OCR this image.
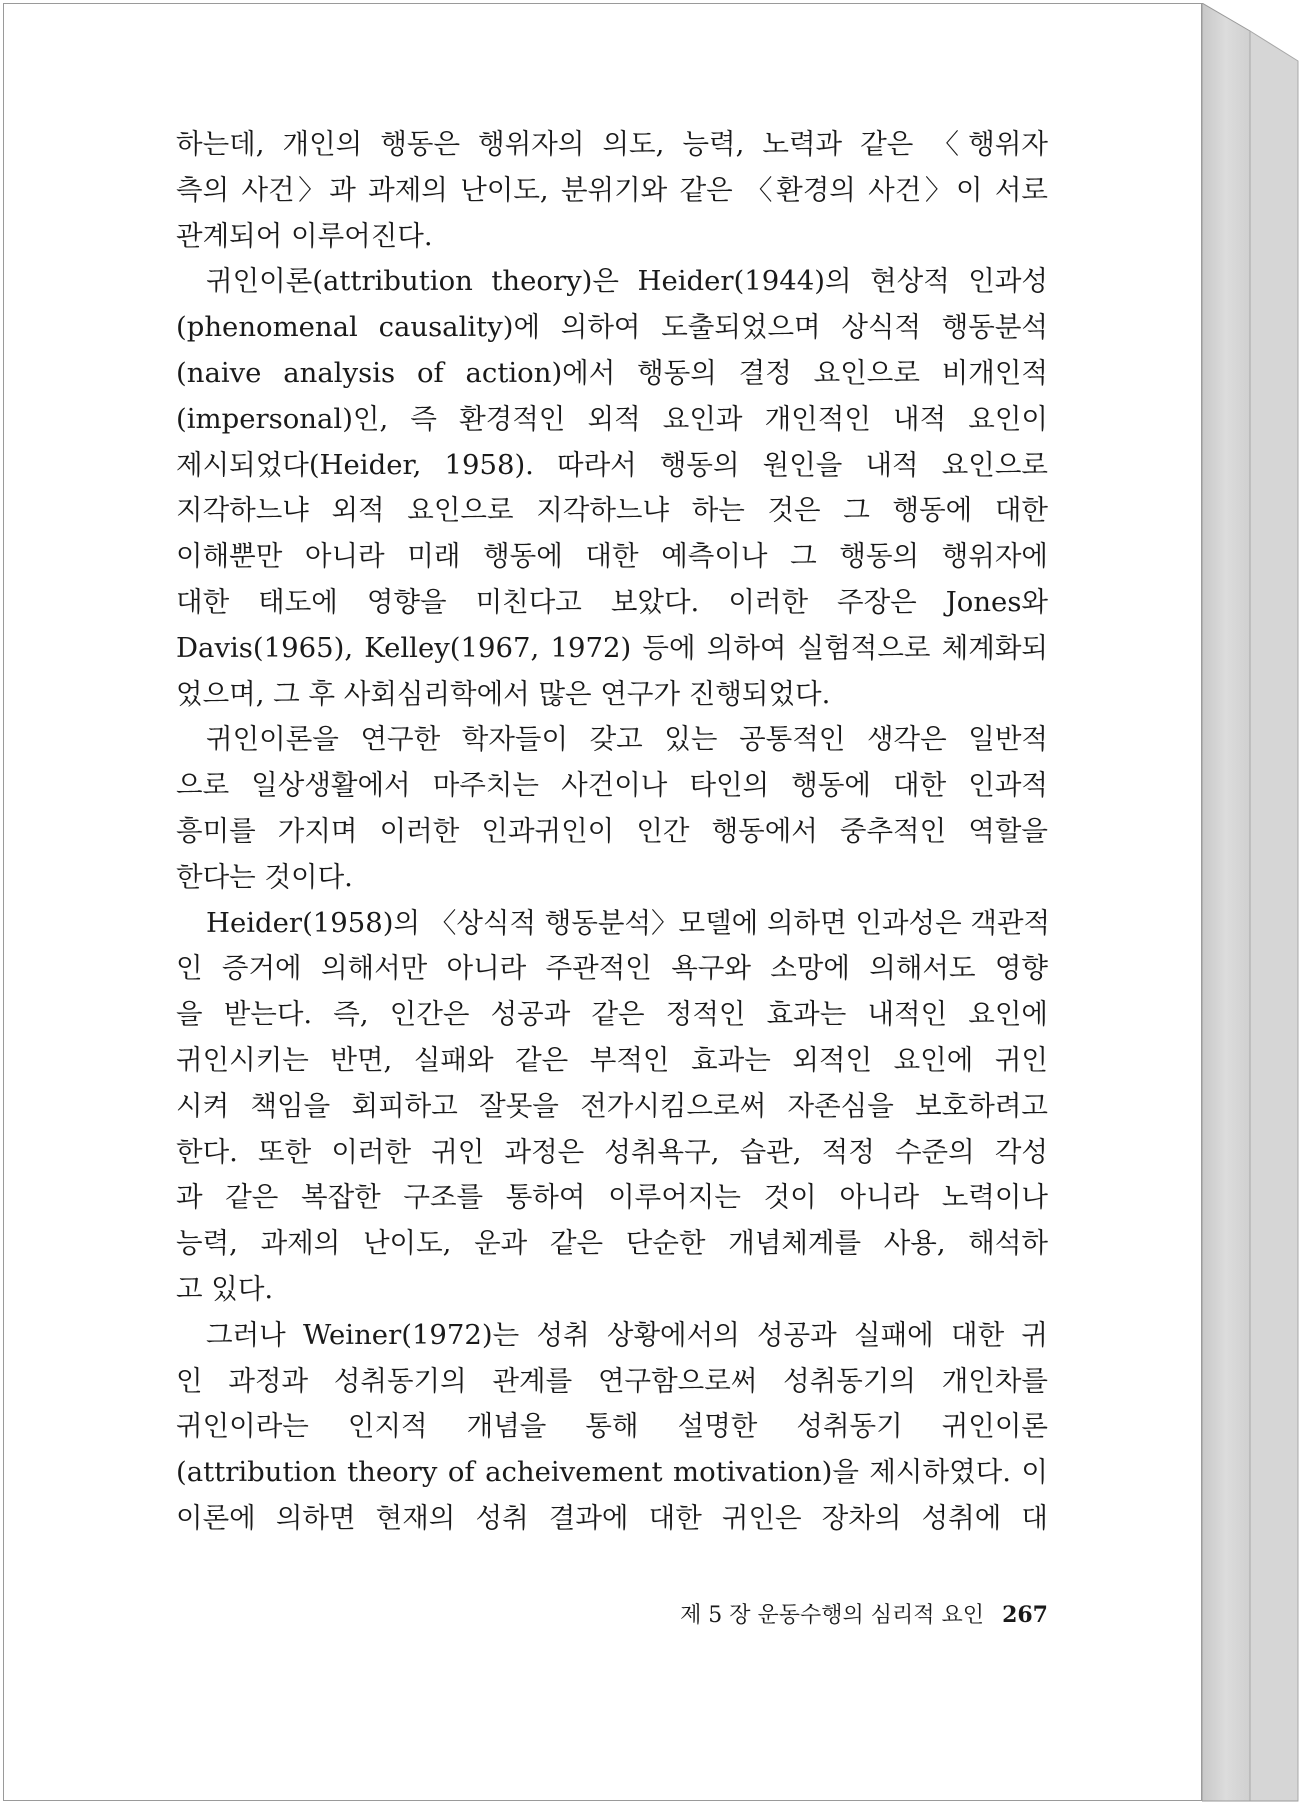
하는데, 개인의 행동은 행위자의 의도, 능력, 노력과 같은 〈행위자
측의 사건〉과 과제의 난이도, 분위기와 같은 〈환경의 사건〉이 서로
관계되어 이루어진다.
귀인이론(attribution theory)은 Heider(1944)의 현상적 인과성
(phenomenal causality)에 의하여 도출되었으며 상식적 행동분석
(naive analysis of action)에서 행동의 결정 요인으로 비개인적
(impersonal)인, 즉 환경적인 외적 요인과 개인적인 내적 요인이
제시되었다(Heider, 1958). 따라서 행동의 원인을 내적 요인으로
지각하느냐 외적 요인으로 지각하느냐 하는 것은 그 행동에 대한
이해뿐만 아니라 미래 행동에 대한 예측이나 그 행동의 행위자에
대한 태도에 영향을 미친다고 보았다. 이러한 주장은 Jones와
Davis(1965), Kelley(1967, 1972) 등에 의하여 실험적으로 체계화되
었으며, 그 후 사회심리학에서 많은 연구가 진행되었다.
귀인이론을 연구한 학자들이 갖고 있는 공통적인 생각은 일반적
으로 일상생활에서 마주치는 사건이나 타인의 행동에 대한 인과적
흥미를 가지며 이러한 인과귀인이 인간 행동에서 중추적인 역할을
한다는 것이다.
Heider(1958)의 〈상식적 행동분석〉모델에 의하면 인과성은 객관적
인 증거에 의해서만 아니라 주관적인 욕구와 소망에 의해서도 영향
을 받는다. 즉, 인간은 성공과 같은 정적인 효과는 내적인 요인에
귀인시키는 반면, 실패와 같은 부적인 효과는 외적인 요인에 귀인
시켜 책임을 회피하고 잘못을 전가시킴으로써 자존심을 보호하려고
한다. 또한 이러한 귀인 과정은 성취욕구, 습관, 적정 수준의 각성
과 같은 복잡한 구조를 통하여 이루어지는 것이 아니라 노력이나
능력, 과제의 난이도, 운과 같은 단순한 개념체계를 사용, 해석하
고 있다.
그러나 Weiner(1972)는 성취 상황에서의 성공과 실패에 대한 귀
인 과정과 성취동기의 관계를 연구함으로써 성취동기의 개인차를
귀인이라는 인지적 개념을 통해 설명한 성취동기 귀인이론
(attribution theory of acheivement motivation)을 제시하였다. 이
이론에 의하면 현재의 성취 결과에 대한 귀인은 장차의 성취에 대
제 5 장 운동수행의 심리적 요인 267
